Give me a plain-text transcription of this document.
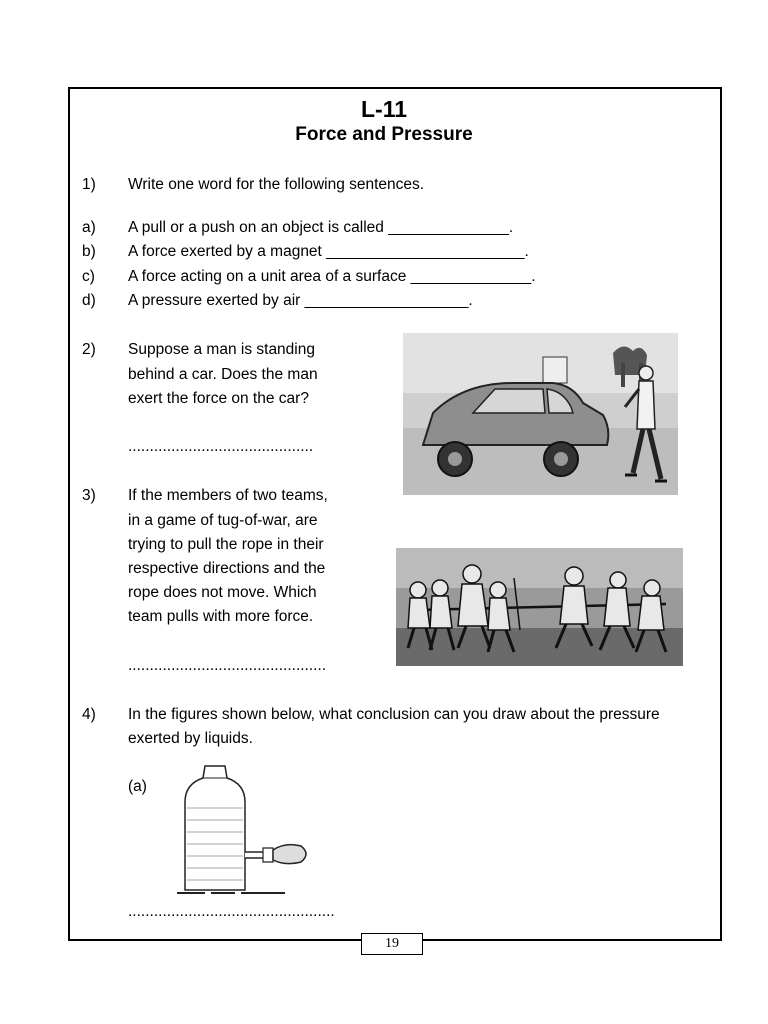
L-11
Force and Pressure
1) Write one word for the following sentences.
a) A pull or a push on an object is called ______________.
b) A force exerted by a magnet _______________________.
c) A force acting on a unit area of a surface ______________.
d) A pressure exerted by air ___________________.
2) Suppose a man is standing
behind a car. Does the man
exert the force on the car?
...........................................
3) If the members of two teams,
in a game of tug-of-war, are
trying to pull the rope in their
respective directions and the
rope does not move. Which
team pulls with more force.
..............................................
4) In the figures shown below, what conclusion can you draw about the pressure
exerted by liquids.
(a)
................................................
19
